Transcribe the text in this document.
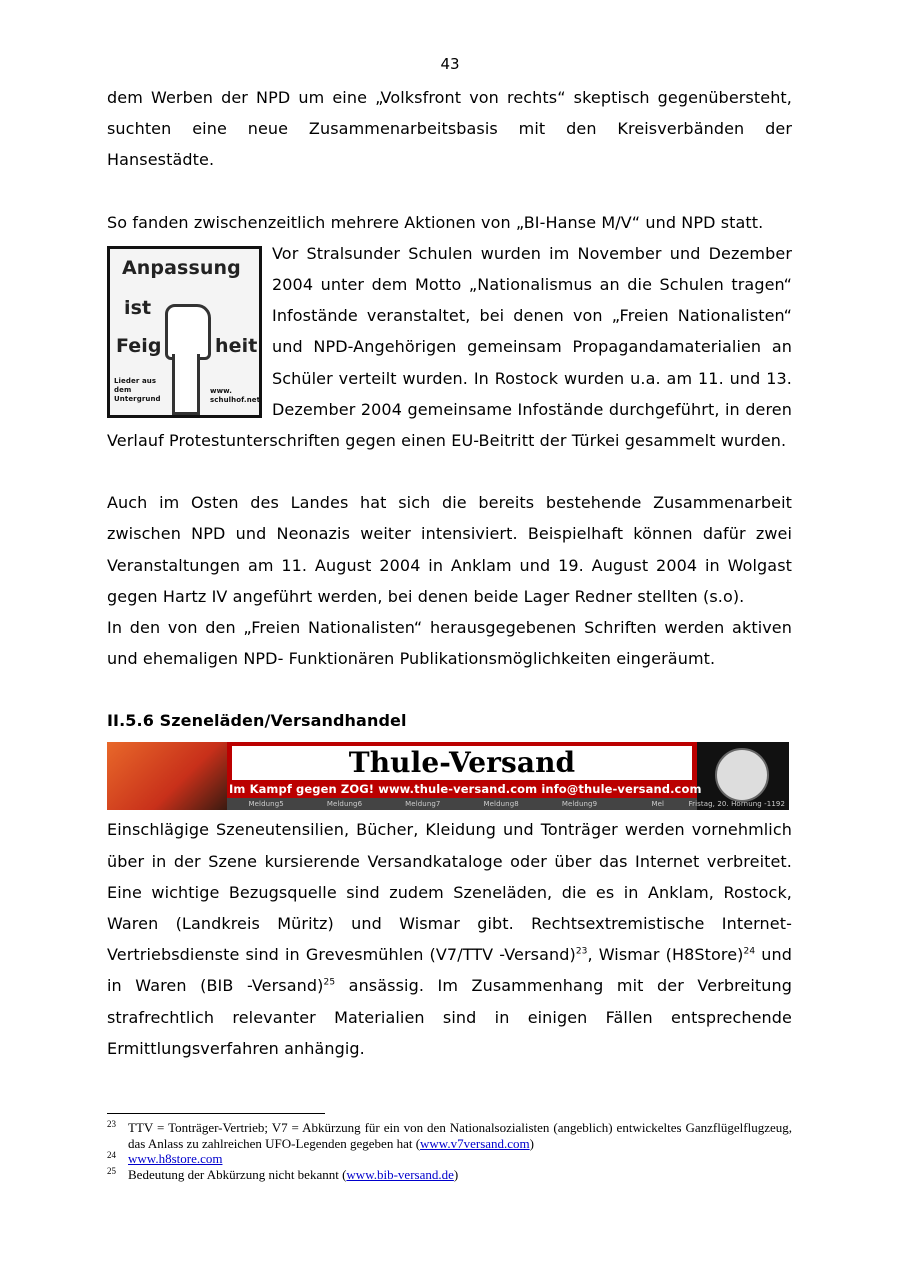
43

dem Werben der NPD um eine „Volksfront von rechts“ skeptisch gegenübersteht, suchten eine neue Zusammenarbeitsbasis mit den Kreisverbänden der Hansestädte.

So fanden zwischenzeitlich mehrere Aktionen von „BI-Hanse M/V“ und NPD statt.

Anpassung
ist
Feig	heit
Lieder aus dem Untergrund
www. schulhof.net

Vor Stralsunder Schulen wurden im November und Dezember 2004 unter dem Motto „Nationalismus an die Schulen tragen“ Infostände veranstaltet, bei denen von „Freien Nationalisten“ und NPD-Angehörigen gemeinsam Propagandamaterialien an Schüler verteilt wurden. In Rostock wurden u.a. am 11. und 13. Dezember 2004 gemeinsame Infostände durchgeführt, in deren Verlauf Protestunterschriften gegen einen EU-Beitritt der Türkei gesammelt wurden.

Auch im Osten des Landes hat sich die bereits bestehende Zusammenarbeit zwischen NPD und Neonazis weiter intensiviert. Beispielhaft können dafür zwei Veranstaltungen am 11. August 2004 in Anklam und 19. August 2004 in Wolgast gegen Hartz IV angeführt werden, bei denen beide Lager Redner stellten (s.o).

In den von den „Freien Nationalisten“ herausgegebenen Schriften werden aktiven und ehemaligen NPD- Funktionären Publikationsmöglichkeiten eingeräumt.

II.5.6 Szeneläden/Versandhandel
Thule-Versand
Im Kampf gegen ZOG! www.thule-versand.com info@thule-versand.com
Meldung5	Meldung6	Meldung7	Meldung8	Meldung9	Mel	Fristag, 20. Hornung -1192

Einschlägige Szeneutensilien, Bücher, Kleidung und Tonträger werden vornehmlich über in der Szene kursierende Versandkataloge oder über das Internet verbreitet. Eine wichtige Bezugsquelle sind zudem Szeneläden, die es in Anklam, Rostock, Waren (Landkreis Müritz) und Wismar gibt. Rechtsextremistische Internet-Vertriebsdienste sind in Grevesmühlen (V7/TTV -Versand)$^{23}$, Wismar (H8Store)$^{24}$ und in Waren (BIB -Versand)$^{25}$ ansässig. Im Zusammenhang mit der Verbreitung strafrechtlich relevanter Materialien sind in einigen Fällen entsprechende Ermittlungsverfahren anhängig.

23 TTV = Tonträger-Vertrieb; V7 = Abkürzung für ein von den Nationalsozialisten (angeblich) entwickeltes Ganzflügelflugzeug, das Anlass zu zahlreichen UFO-Legenden gegeben hat (www.v7versand.com)
24 www.h8store.com
25 Bedeutung der Abkürzung nicht bekannt (www.bib-versand.de)
